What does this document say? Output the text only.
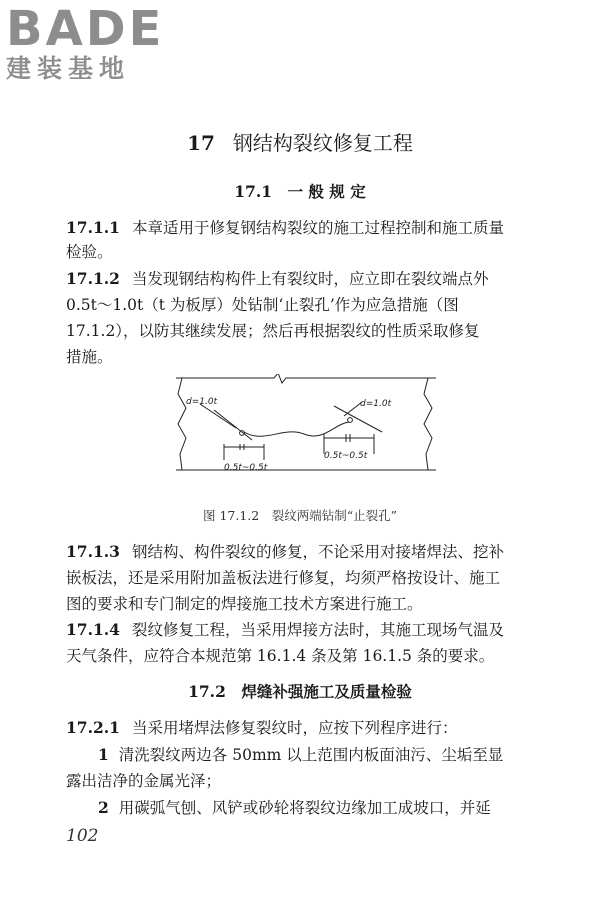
BADE
建装基地
17 钢结构裂纹修复工程
17.1　一 般 规 定
17.1.1 本章适用于修复钢结构裂纹的施工过程控制和施工质量
检验。
17.1.2 当发现钢结构构件上有裂纹时，应立即在裂纹端点外
0.5t～1.0t（t 为板厚）处钻制‘止裂孔’作为应急措施（图
17.1.2），以防其继续发展；然后再根据裂纹的性质采取修复
措施。
d=1.0t	d=1.0t
0.5t~0.5t
0.5t~0.5t
图 17.1.2　裂纹两端钻制“止裂孔”
17.1.3 钢结构、构件裂纹的修复，不论采用对接堵焊法、挖补
嵌板法，还是采用附加盖板法进行修复，均须严格按设计、施工
图的要求和专门制定的焊接施工技术方案进行施工。
17.1.4 裂纹修复工程，当采用焊接方法时，其施工现场气温及
天气条件，应符合本规范第 16.1.4 条及第 16.1.5 条的要求。
17.2　焊缝补强施工及质量检验
17.2.1 当采用堵焊法修复裂纹时，应按下列程序进行：
1 清洗裂纹两边各 50mm 以上范围内板面油污、尘垢至显
露出洁净的金属光泽；
2 用碳弧气刨、风铲或砂轮将裂纹边缘加工成坡口，并延
102
